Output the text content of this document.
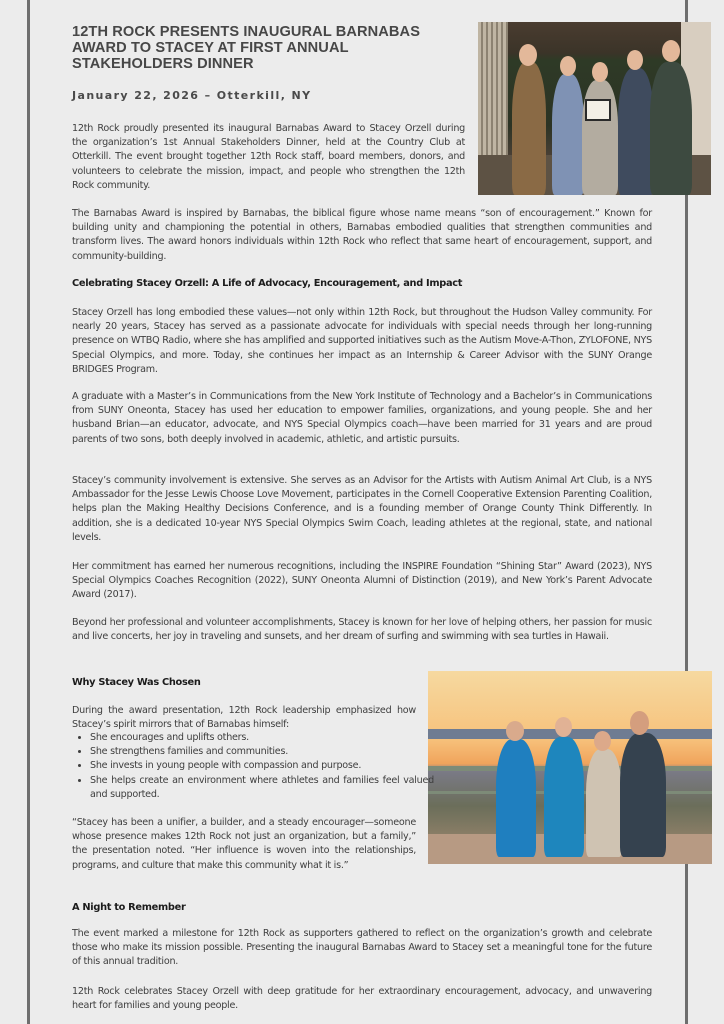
12TH ROCK PRESENTS INAUGURAL BARNABAS AWARD TO STACEY AT FIRST ANNUAL STAKEHOLDERS DINNER

January 22, 2026 – Otterkill, NY

12th Rock proudly presented its inaugural Barnabas Award to Stacey Orzell during the organization’s 1st Annual Stakeholders Dinner, held at the Country Club at Otterkill. The event brought together 12th Rock staff, board members, donors, and volunteers to celebrate the mission, impact, and people who strengthen the 12th Rock community.

The Barnabas Award is inspired by Barnabas, the biblical figure whose name means “son of encouragement.” Known for building unity and championing the potential in others, Barnabas embodied qualities that strengthen communities and transform lives. The award honors individuals within 12th Rock who reflect that same heart of encouragement, support, and community-building.

Celebrating Stacey Orzell: A Life of Advocacy, Encouragement, and Impact

Stacey Orzell has long embodied these values—not only within 12th Rock, but throughout the Hudson Valley community. For nearly 20 years, Stacey has served as a passionate advocate for individuals with special needs through her long-running presence on WTBQ Radio, where she has amplified and supported initiatives such as the Autism Move-A-Thon, ZYLOFONE, NYS Special Olympics, and more. Today, she continues her impact as an Internship & Career Advisor with the SUNY Orange BRIDGES Program.

A graduate with a Master’s in Communications from the New York Institute of Technology and a Bachelor’s in Communications from SUNY Oneonta, Stacey has used her education to empower families, organizations, and young people. She and her husband Brian—an educator, advocate, and NYS Special Olympics coach—have been married for 31 years and are proud parents of two sons, both deeply involved in academic, athletic, and artistic pursuits.

Stacey’s community involvement is extensive. She serves as an Advisor for the Artists with Autism Animal Art Club, is a NYS Ambassador for the Jesse Lewis Choose Love Movement, participates in the Cornell Cooperative Extension Parenting Coalition, helps plan the Making Healthy Decisions Conference, and is a founding member of Orange County Think Differently. In addition, she is a dedicated 10-year NYS Special Olympics Swim Coach, leading athletes at the regional, state, and national levels.

Her commitment has earned her numerous recognitions, including the INSPIRE Foundation “Shining Star” Award (2023), NYS Special Olympics Coaches Recognition (2022), SUNY Oneonta Alumni of Distinction (2019), and New York’s Parent Advocate Award (2017).

Beyond her professional and volunteer accomplishments, Stacey is known for her love of helping others, her passion for music and live concerts, her joy in traveling and sunsets, and her dream of surfing and swimming with sea turtles in Hawaii.

Why Stacey Was Chosen

During the award presentation, 12th Rock leadership emphasized how Stacey’s spirit mirrors that of Barnabas himself:

• She encourages and uplifts others.
• She strengthens families and communities.
• She invests in young people with compassion and purpose.
• She helps create an environment where athletes and families feel valued and supported.

“Stacey has been a unifier, a builder, and a steady encourager—someone whose presence makes 12th Rock not just an organization, but a family,” the presentation noted. “Her influence is woven into the relationships, programs, and culture that make this community what it is.”

A Night to Remember

The event marked a milestone for 12th Rock as supporters gathered to reflect on the organization’s growth and celebrate those who make its mission possible. Presenting the inaugural Barnabas Award to Stacey set a meaningful tone for the future of this annual tradition.

12th Rock celebrates Stacey Orzell with deep gratitude for her extraordinary encouragement, advocacy, and unwavering heart for families and young people.
